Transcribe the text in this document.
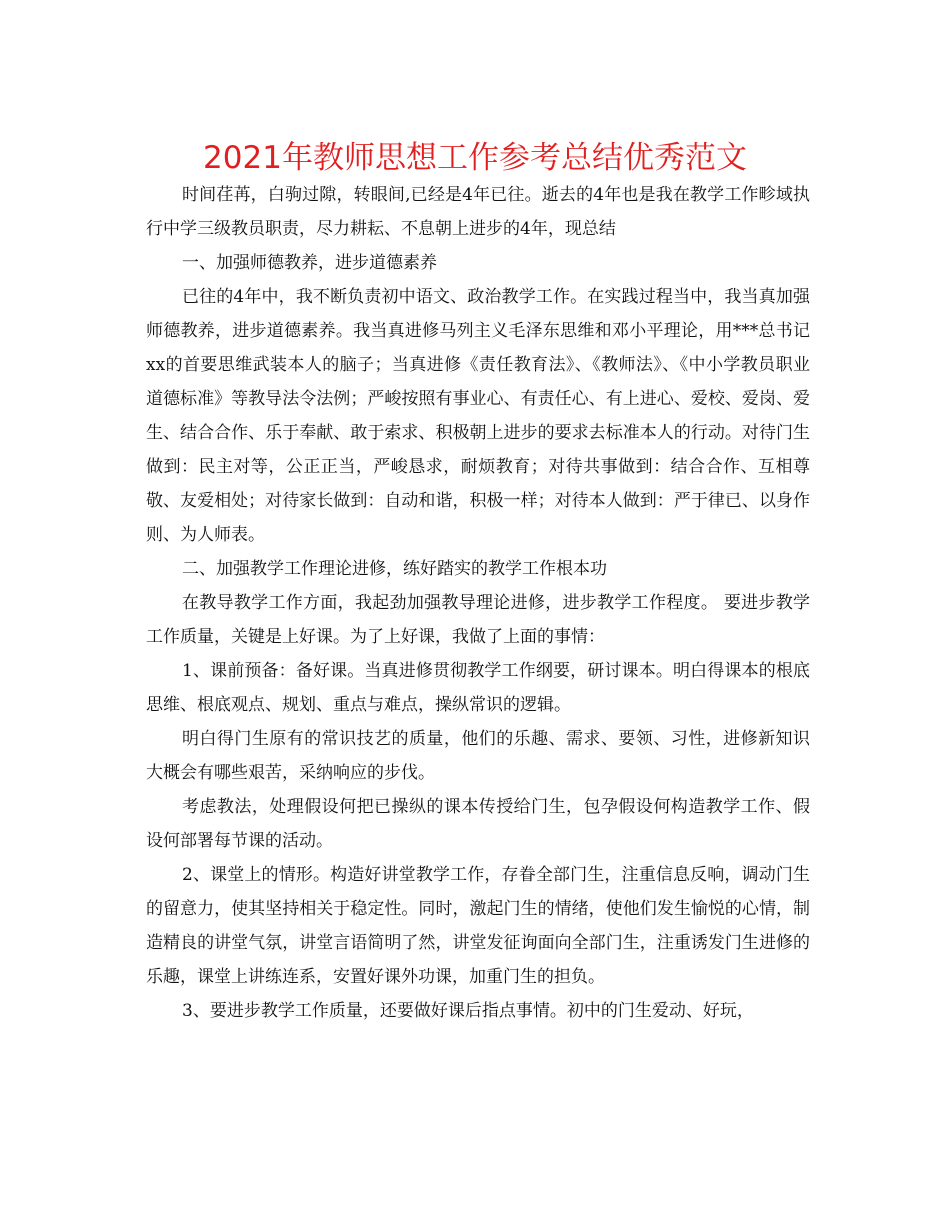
2021年教师思想工作参考总结优秀范文

时间荏苒，白驹过隙，转眼间,已经是4年已往。逝去的4年也是我在教学工作畛域执行中学三级教员职责，尽力耕耘、不息朝上进步的4年，现总结

一、加强师德教养，进步道德素养

已往的4年中，我不断负责初中语文、政治教学工作。在实践过程当中，我当真加强师德教养，进步道德素养。我当真进修马列主义毛泽东思维和邓小平理论，用***总书记xx的首要思维武装本人的脑子；当真进修《责任教育法》、《教师法》、《中小学教员职业道德标准》等教导法令法例；严峻按照有事业心、有责任心、有上进心、爱校、爱岗、爱生、结合合作、乐于奉献、敢于索求、积极朝上进步的要求去标准本人的行动。对待门生做到：民主对等，公正正当，严峻恳求，耐烦教育；对待共事做到：结合合作、互相尊敬、友爱相处；对待家长做到：自动和谐，积极一样；对待本人做到：严于律已、以身作则、为人师表。

二、加强教学工作理论进修，练好踏实的教学工作根本功

在教导教学工作方面，我起劲加强教导理论进修，进步教学工作程度。 要进步教学工作质量，关键是上好课。为了上好课，我做了上面的事情：

1、课前预备：备好课。当真进修贯彻教学工作纲要，研讨课本。明白得课本的根底思维、根底观点、规划、重点与难点，操纵常识的逻辑。

明白得门生原有的常识技艺的质量，他们的乐趣、需求、要领、习性，进修新知识大概会有哪些艰苦，采纳响应的步伐。

考虑教法，处理假设何把已操纵的课本传授给门生，包孕假设何构造教学工作、假设何部署每节课的活动。

2、课堂上的情形。构造好讲堂教学工作，存眷全部门生，注重信息反响，调动门生的留意力，使其坚持相关于稳定性。同时，激起门生的情绪，使他们发生愉悦的心情，制造精良的讲堂气氛，讲堂言语简明了然，讲堂发征询面向全部门生，注重诱发门生进修的乐趣，课堂上讲练连系，安置好课外功课，加重门生的担负。

3、要进步教学工作质量，还要做好课后指点事情。初中的门生爱动、好玩，
